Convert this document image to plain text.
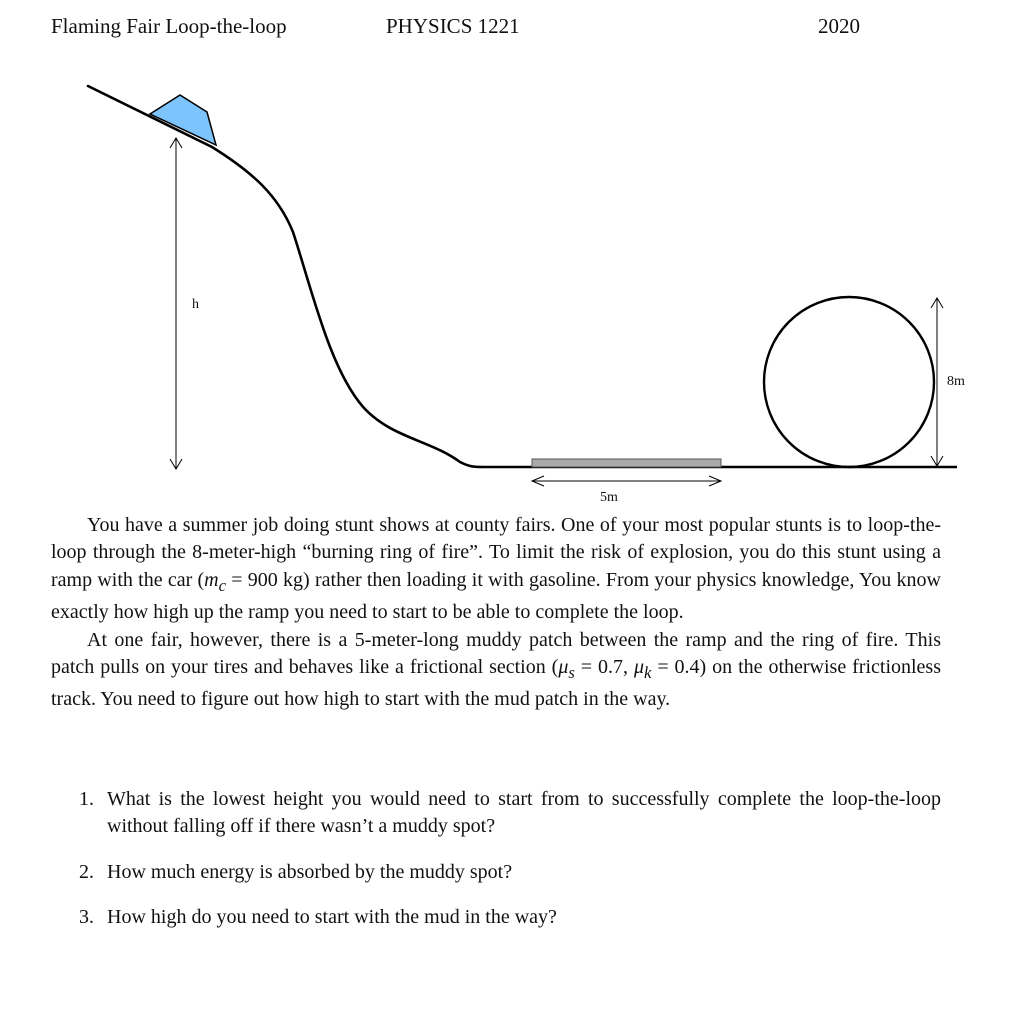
Flaming Fair Loop-the-loop	PHYSICS 1221	2020
h
8m
5m

You have a summer job doing stunt shows at county fairs. One of your most popular stunts is to loop-the-loop through the 8-meter-high “burning ring of fire”. To limit the risk of explosion, you do this stunt using a ramp with the car ($m_c = 900$ kg) rather then loading it with gasoline. From your physics knowledge, You know exactly how high up the ramp you need to start to be able to complete the loop.

At one fair, however, there is a 5-meter-long muddy patch between the ramp and the ring of fire. This patch pulls on your tires and behaves like a frictional section ($\mu_s = 0.7$, $\mu_k = 0.4$) on the otherwise frictionless track. You need to figure out how high to start with the mud patch in the way.

1. What is the lowest height you would need to start from to successfully complete the loop-the-loop without falling off if there wasn’t a muddy spot?
2. How much energy is absorbed by the muddy spot?
3. How high do you need to start with the mud in the way?
